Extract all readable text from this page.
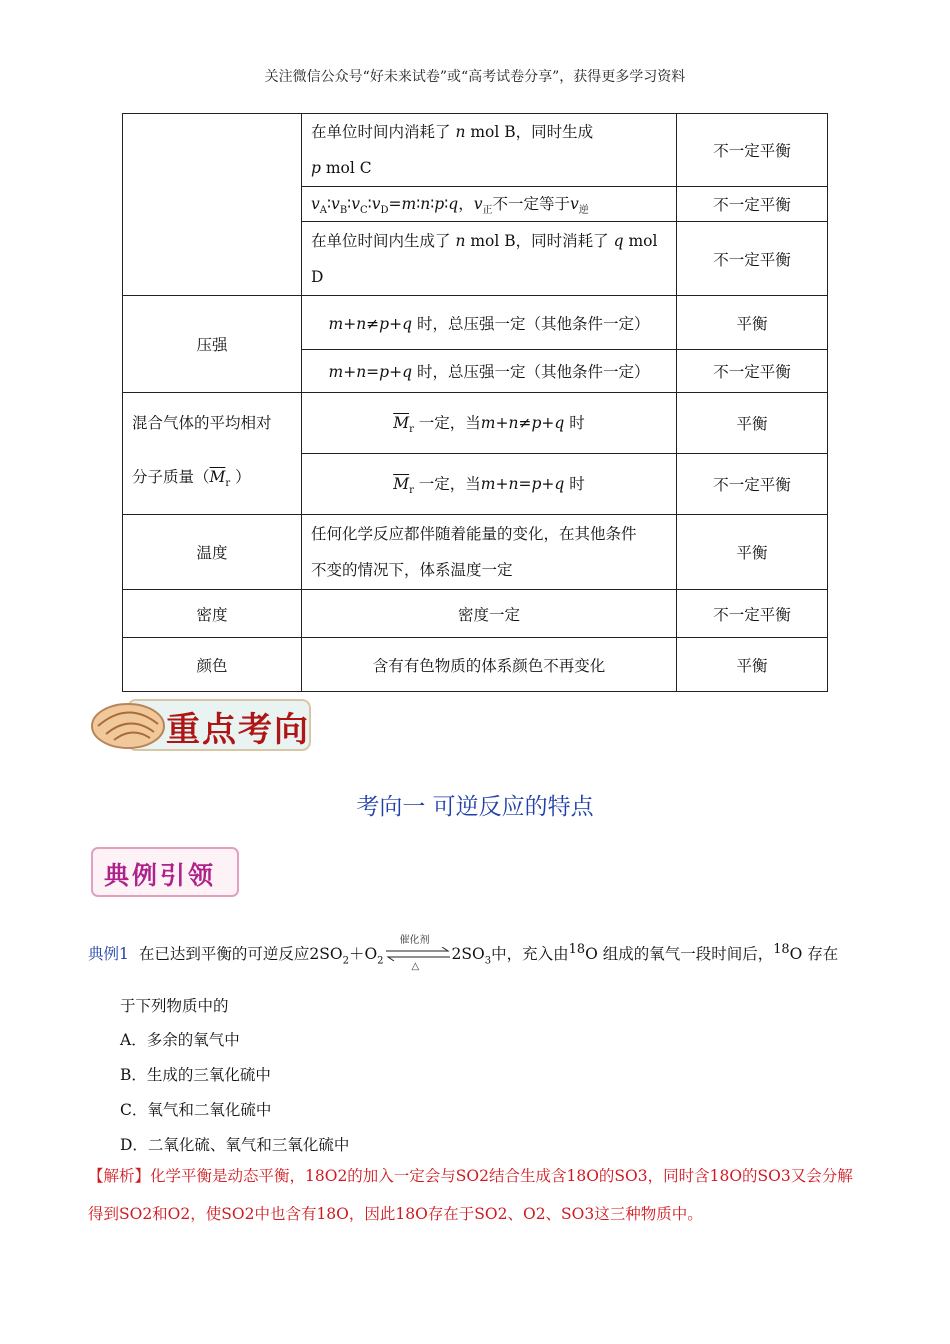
关注微信公众号“好未来试卷”或“高考试卷分享”，获得更多学习资料
	在单位时间内消耗了 n mol B，同时生成
p mol C	不一定平衡
	$v_A∶v_B∶v_C∶v_D=m∶n∶p∶q$，$v_正$不一定等于$v_逆$	不一定平衡
	在单位时间内生成了 n mol B，同时消耗了 q mol
D	不一定平衡
压强	m+n≠p+q 时，总压强一定（其他条件一定）	平衡
	m+n=p+q 时，总压强一定（其他条件一定）	不一定平衡
混合气体的平均相对
分子质量（$\overline{M}_r$ ）	$\overline{M}_r$ 一定，当m+n≠p+q 时	平衡
	$\overline{M}_r$ 一定，当m+n=p+q 时	不一定平衡
温度	任何化学反应都伴随着能量的变化，在其他条件
不变的情况下，体系温度一定	平衡
密度	密度一定	不一定平衡
颜色	含有有色物质的体系颜色不再变化	平衡
重点考向
考向一 可逆反应的特点
典例引领
典例1 在已达到平衡的可逆反应$2SO_2+O_2$
催化剂
△
$2SO_3$中，充入由$^{18}$O 组成的氧气一段时间后，$^{18}$O 存在
于下列物质中的
A．多余的氧气中
B．生成的三氧化硫中
C．氧气和二氧化硫中
D．二氧化硫、氧气和三氧化硫中
【解析】化学平衡是动态平衡，18O2的加入一定会与SO2结合生成含18O的SO3，同时含18O的SO3又会分解得到SO2和O2，使SO2中也含有18O，因此18O存在于SO2、O2、SO3这三种物质中。
